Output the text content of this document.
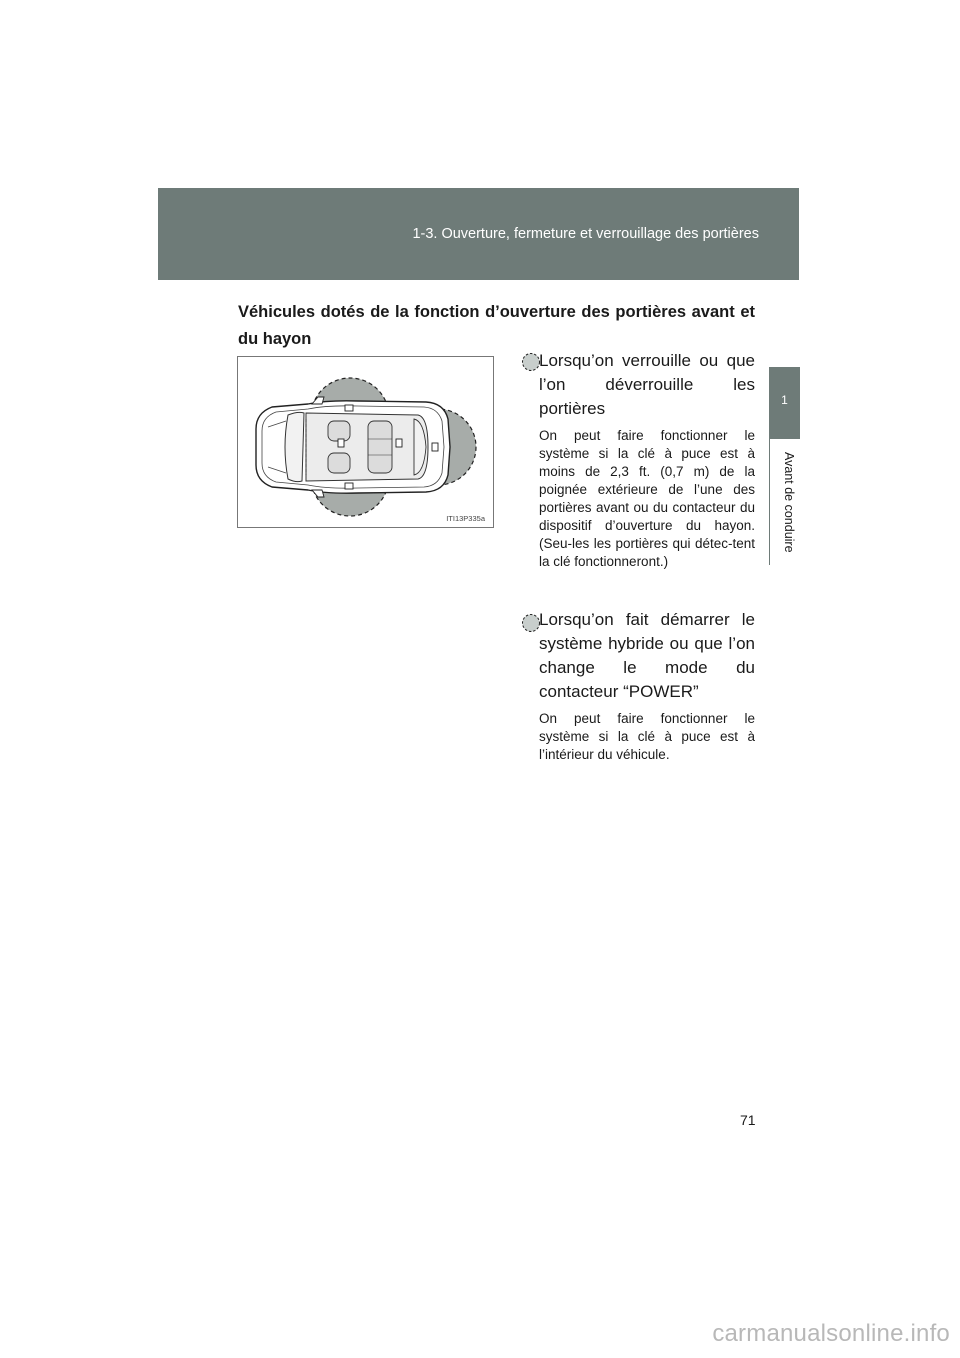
1-3. Ouverture, fermeture et verrouillage des portières
1
Avant de conduire
Véhicules dotés de la fonction d’ouverture des portières avant et du hayon
ITI13P335a

Lorsqu’on verrouille ou que l’on déverrouille les portières

On peut faire fonctionner le système si la clé à puce est à moins de 2,3 ft. (0,7 m) de la poignée extérieure de l’une des portières avant ou du contacteur du dispositif d’ouverture du hayon. (Seu-les les portières qui détec-tent la clé fonctionneront.)

Lorsqu’on fait démarrer le système hybride ou que l’on change le mode du contacteur “POWER”

On peut faire fonctionner le système si la clé à puce est à l’intérieur du véhicule.

71
carmanualsonline.info
